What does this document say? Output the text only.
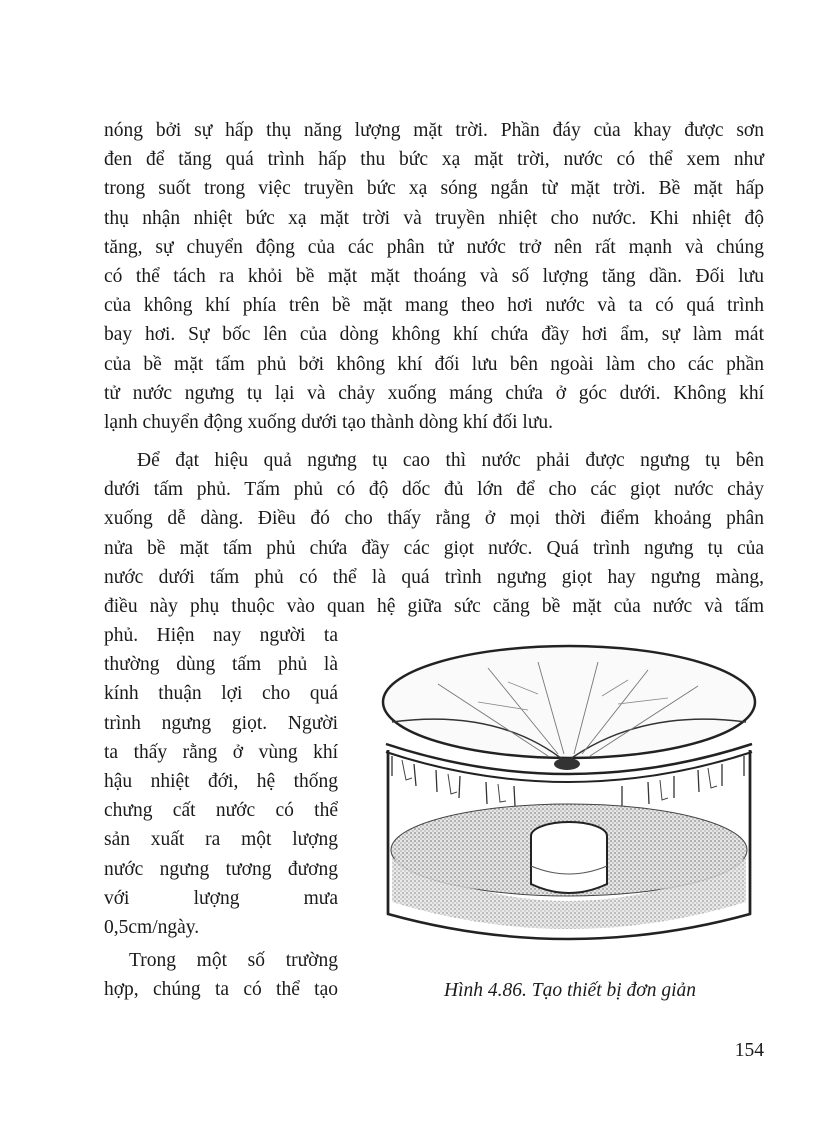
nóng bởi sự hấp thụ năng lượng mặt trời. Phần đáy của khay được sơn
đen để tăng quá trình hấp thu bức xạ mặt trời, nước có thể xem như
trong suốt trong việc truyền bức xạ sóng ngắn từ mặt trời. Bề mặt hấp
thụ nhận nhiệt bức xạ mặt trời và truyền nhiệt cho nước. Khi nhiệt độ
tăng, sự chuyển động của các phân tử nước trở nên rất mạnh và chúng
có thể tách ra khỏi bề mặt mặt thoáng và số lượng tăng dần. Đối lưu
của không khí phía trên bề mặt mang theo hơi nước và ta có quá trình
bay hơi. Sự bốc lên của dòng không khí chứa đầy hơi ẩm, sự làm mát
của bề mặt tấm phủ bởi không khí đối lưu bên ngoài làm cho các phần
tử nước ngưng tụ lại và chảy xuống máng chứa ở góc dưới. Không khí
lạnh chuyển động xuống dưới tạo thành dòng khí đối lưu.

Để đạt hiệu quả ngưng tụ cao thì nước phải được ngưng tụ bên
dưới tấm phủ. Tấm phủ có độ dốc đủ lớn để cho các giọt nước chảy
xuống dễ dàng. Điều đó cho thấy rằng ở mọi thời điểm khoảng phân
nửa bề mặt tấm phủ chứa đầy các giọt nước. Quá trình ngưng tụ của
nước dưới tấm phủ có thể là quá trình ngưng giọt hay ngưng màng,
điều này phụ thuộc vào quan hệ giữa sức căng bề mặt của nước và tấm

phủ. Hiện nay người ta
thường dùng tấm phủ là
kính thuận lợi cho quá
trình ngưng giọt. Người
ta thấy rằng ở vùng khí
hậu nhiệt đới, hệ thống
chưng cất nước có thể
sản xuất ra một lượng
nước ngưng tương đương
với lượng mưa
0,5cm/ngày.
Trong một số trường
hợp, chúng ta có thể tạo	Hình 4.86. Tạo thiết bị đơn giản
154
